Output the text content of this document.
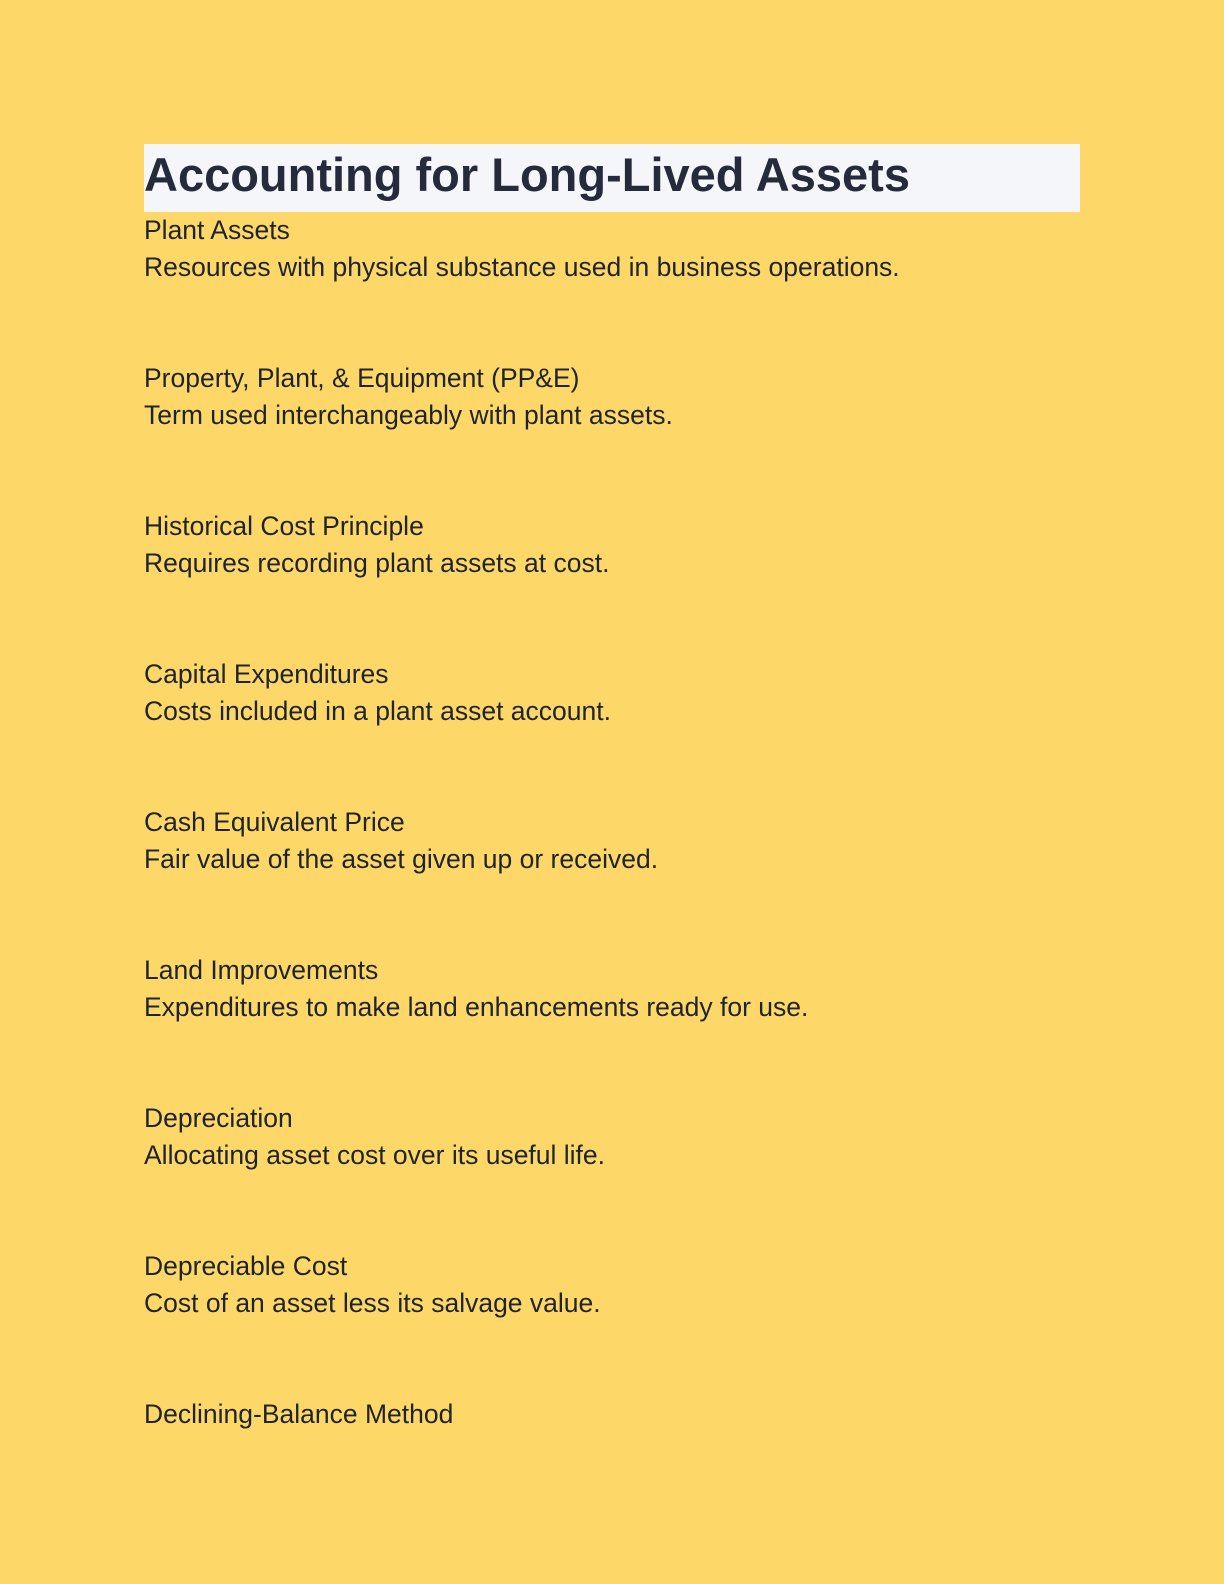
Accounting for Long-Lived Assets
Plant Assets
Resources with physical substance used in business operations.
Property, Plant, & Equipment (PP&E)
Term used interchangeably with plant assets.
Historical Cost Principle
Requires recording plant assets at cost.
Capital Expenditures
Costs included in a plant asset account.
Cash Equivalent Price
Fair value of the asset given up or received.
Land Improvements
Expenditures to make land enhancements ready for use.
Depreciation
Allocating asset cost over its useful life.
Depreciable Cost
Cost of an asset less its salvage value.
Declining-Balance Method
